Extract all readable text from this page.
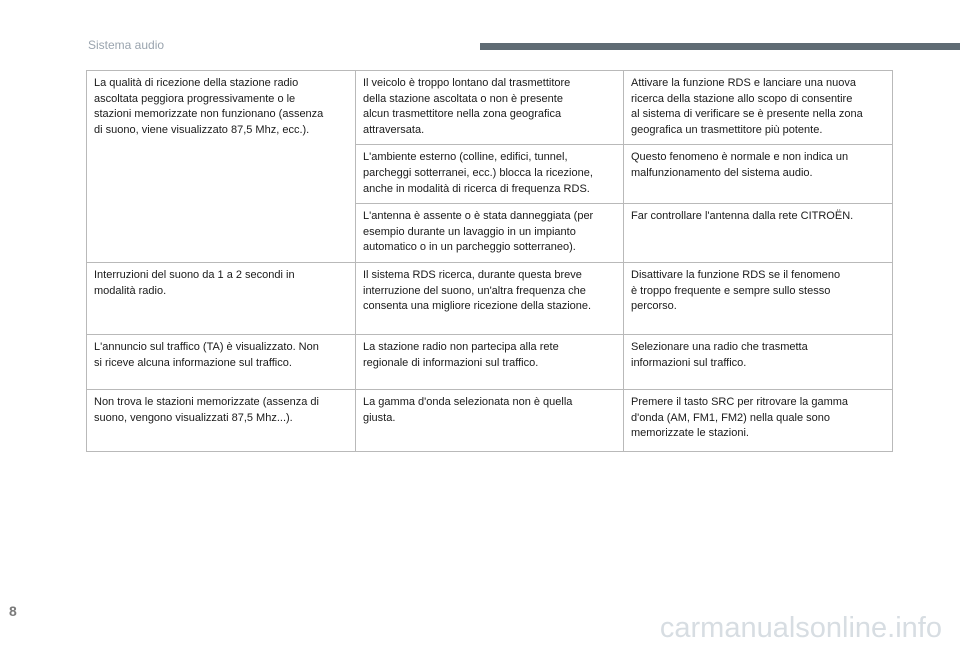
Sistema audio
La qualità di ricezione della stazione radio
ascoltata peggiora progressivamente o le
stazioni memorizzate non funzionano (assenza
di suono, viene visualizzato 87,5 Mhz, ecc.).	Il veicolo è troppo lontano dal trasmettitore
della stazione ascoltata o non è presente
alcun trasmettitore nella zona geografica
attraversata.	Attivare la funzione RDS e lanciare una nuova
ricerca della stazione allo scopo di consentire
al sistema di verificare se è presente nella zona
geografica un trasmettitore più potente.
	L'ambiente esterno (colline, edifici, tunnel,
parcheggi sotterranei, ecc.) blocca la ricezione,
anche in modalità di ricerca di frequenza RDS.	Questo fenomeno è normale e non indica un
malfunzionamento del sistema audio.
	L'antenna è assente o è stata danneggiata (per
esempio durante un lavaggio in un impianto
automatico o in un parcheggio sotterraneo).	Far controllare l'antenna dalla rete CITROËN.
Interruzioni del suono da 1 a 2 secondi in
modalità radio.	Il sistema RDS ricerca, durante questa breve
interruzione del suono, un'altra frequenza che
consenta una migliore ricezione della stazione.	Disattivare la funzione RDS se il fenomeno
è troppo frequente e sempre sullo stesso
percorso.
L'annuncio sul traffico (TA) è visualizzato. Non
si riceve alcuna informazione sul traffico.	La stazione radio non partecipa alla rete
regionale di informazioni sul traffico.	Selezionare una radio che trasmetta
informazioni sul traffico.
Non trova le stazioni memorizzate (assenza di
suono, vengono visualizzati 87,5 Mhz...).	La gamma d'onda selezionata non è quella
giusta.	Premere il tasto SRC per ritrovare la gamma
d'onda (AM, FM1, FM2) nella quale sono
memorizzate le stazioni.
8
carmanualsonline.info
